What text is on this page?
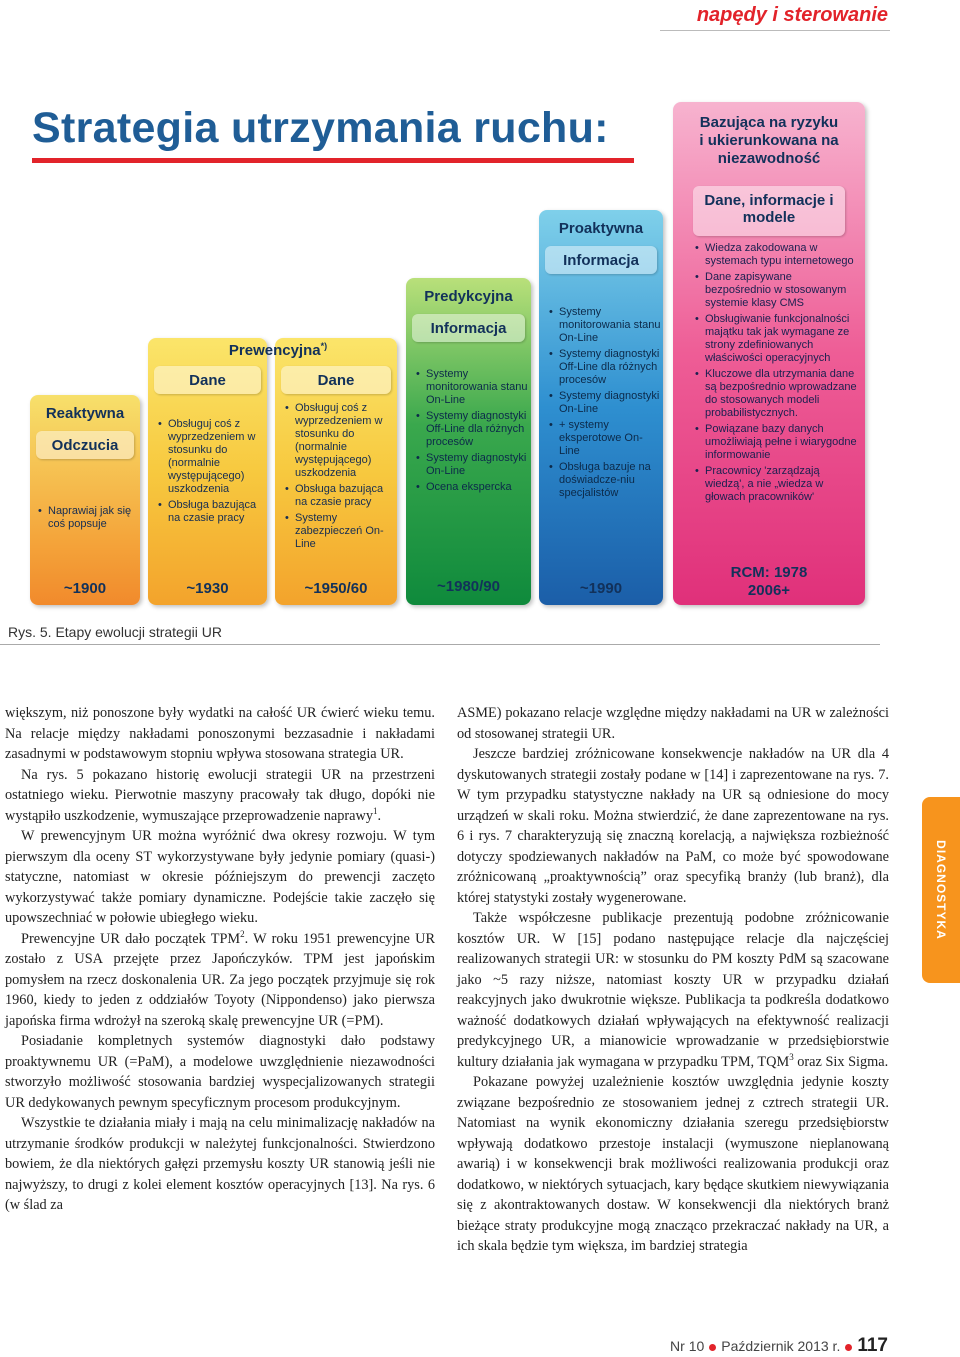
napędy i sterowanie
Strategia utrzymania ruchu:
Reaktywna
Odczucia
• Naprawiaj jak się coś popsuje
~1900
Dane
• Obsługuj coś z wyprzedzeniem w stosunku do (normalnie występującego) uszkodzenia
• Obsługa bazująca na czasie pracy
~1930
Dane
• Obsługuj coś z wyprzedzeniem w stosunku do (normalnie występującego) uszkodzenia
• Obsługa bazująca na czasie pracy
• Systemy zabezpieczeń On-Line
~1950/60
Prewencyjna*)
Predykcyjna
Informacja
• Systemy monitorowania stanu On-Line
• Systemy diagnostyki Off-Line dla różnych procesów
• Systemy diagnostyki On-Line
• Ocena ekspercka
~1980/90
Proaktywna
Informacja
• Systemy monitorowania stanu On-Line
• Systemy diagnostyki Off-Line dla różnych procesów
• Systemy diagnostyki On-Line
• + systemy eksperotowe On-Line
• Obsługa bazuje na doświadcze-niu specjalistów
~1990
Bazująca na ryzyku
i ukierunkowana na
niezawodność
Dane, informacje i modele
• Wiedza zakodowana w systemach typu internetowego
• Dane zapisywane bezpośrednio w stosowanym systemie klasy CMS
• Obsługiwanie funkcjonalności majątku tak jak wymagane ze strony zdefiniowanych właściwości operacyjnych
• Kluczowe dla utrzymania dane są bezpośrednio wprowadzane do stosowanych modeli probabilistycznych.
• Powiązane bazy danych umożliwiają pełne i wiarygodne informowanie
• Pracownicy 'zarządzają wiedzą', a nie „wiedza w głowach pracowników'
RCM: 1978
2006+
Rys. 5. Etapy ewolucji strategii UR

większym, niż ponoszone były wydatki na całość UR ćwierć wieku temu. Na relacje między nakładami ponoszonymi bezzasadnie i nakładami zasadnymi w podstawowym stopniu wpływa stosowana strategia UR.

Na rys. 5 pokazano historię ewolucji strategii UR na przestrzeni ostatniego wieku. Pierwotnie maszyny pracowały tak długo, dopóki nie wystąpiło uszkodzenie, wymuszające przeprowadzenie naprawy$^1$.

W prewencyjnym UR można wyróżnić dwa okresy rozwoju. W tym pierwszym dla oceny ST wykorzystywane były jedynie pomiary (quasi-) statyczne, natomiast w okresie późniejszym do prewencji zaczęto wykorzystywać także pomiary dynamiczne. Podejście takie zaczęło się upowszechniać w połowie ubiegłego wieku.

Prewencyjne UR dało początek TPM$^2$. W roku 1951 prewencyjne UR zostało z USA przejęte przez Japończyków. TPM jest japońskim pomysłem na rzecz doskonalenia UR. Za jego początek przyjmuje się rok 1960, kiedy to jeden z oddziałów Toyoty (Nippondenso) jako pierwsza japońska firma wdrożył na szeroką skalę prewencyjne UR (=PM).

Posiadanie kompletnych systemów diagnostyki dało podstawy proaktywnemu UR (=PaM), a modelowe uwzględnienie niezawodności stworzyło możliwość stosowania bardziej wyspecjalizowanych strategii UR dedykowanych pewnym specyficznym procesom produkcyjnym.

Wszystkie te działania miały i mają na celu minimalizację nakładów na utrzymanie środków produkcji w należytej funkcjonalności. Stwierdzono bowiem, że dla niektórych gałęzi przemysłu koszty UR stanowią jeśli nie najwyższy, to drugi z kolei element kosztów operacyjnych [13]. Na rys. 6 (w ślad za

ASME) pokazano relacje względne między nakładami na UR w zależności od stosowanej strategii UR.

Jeszcze bardziej zróżnicowane konsekwencje nakładów na UR dla 4 dyskutowanych strategii zostały podane w [14] i zaprezentowane na rys. 7. W tym przypadku statystyczne nakłady na UR są odniesione do mocy urządzeń w skali roku. Można stwierdzić, że dane zaprezentowane na rys. 6 i rys. 7 charakteryzują się znaczną korelacją, a największa rozbieżność dotyczy spodziewanych nakładów na PaM, co może być spowodowane zróżnicowaną „proaktywnością” oraz specyfiką branży (lub branż), dla której statystyki zostały wygenerowane.

Także współczesne publikacje prezentują podobne zróżnicowanie kosztów UR. W [15] podano następujące relacje dla najczęściej realizowanych strategii UR: w stosunku do PM koszty PdM są szacowane jako ~5 razy niższe, natomiast koszty UR w przypadku działań reakcyjnych jako dwukrotnie większe. Publikacja ta podkreśla dodatkowo ważność dodatkowych działań wpływających na efektywność realizacji predykcyjnego UR, a mianowicie wprowadzanie w przedsiębiorstwie kultury działania jak wymagana w przypadku TPM, TQM$^3$ oraz Six Sigma.

Pokazane powyżej uzależnienie kosztów uwzględnia jedynie koszty związane bezpośrednio ze stosowaniem jednej z cztrech strategii UR. Natomiast na wynik ekonomiczny działania szeregu przedsiębiorstw wpływają dodatkowo przestoje instalacji (wymuszone nieplanowaną awarią) i w konsekwencji brak możliwości realizowania produkcji oraz dodatkowo, w niektórych sytuacjach, kary będące skutkiem niewywiązania się z akontraktowanych dostaw. W konsekwencji dla niektórych branż bieżące straty produkcyjne mogą znacząco przekraczać nakłady na UR, a ich skala będzie tym większa, im bardziej strategia

DIAGNOSTYKA
Nr 10 Październik 2013 r. 117
